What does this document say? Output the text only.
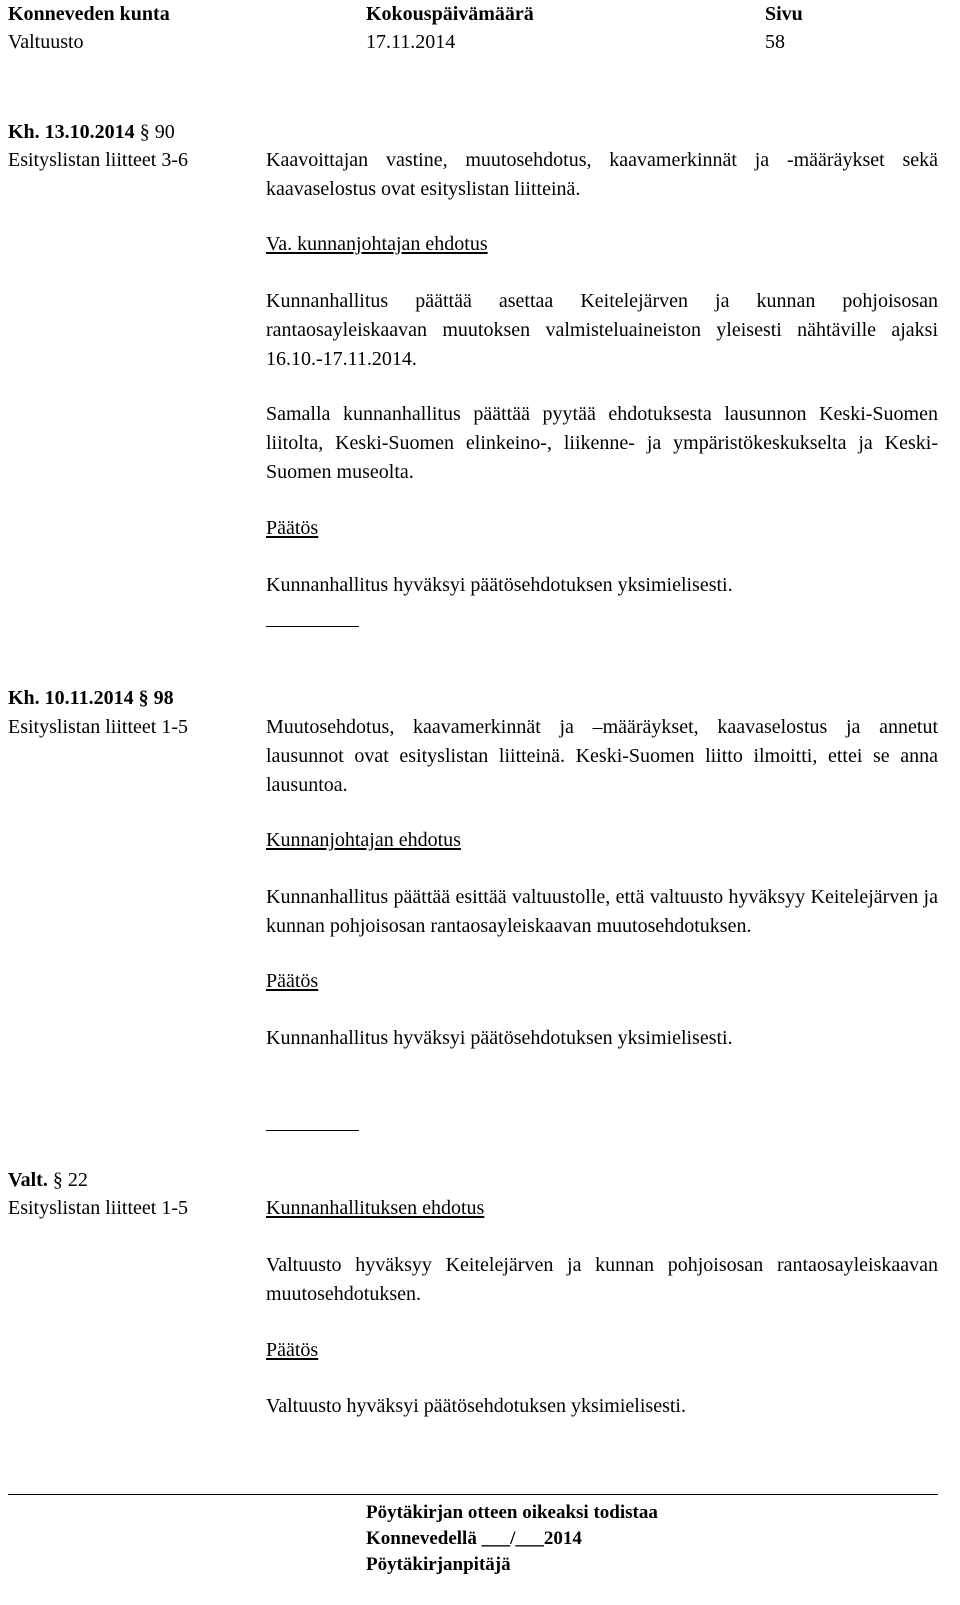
Konneveden kunta	Kokouspäivämäärä	Sivu
Valtuusto	17.11.2014	58
Kh. 13.10.2014 § 90
Esityslistan liitteet 3-6	Kaavoittajan vastine, muutosehdotus, kaavamerkinnät ja -määräykset sekä kaavaselostus ovat esityslistan liitteinä.
Va. kunnanjohtajan ehdotus
Kunnanhallitus päättää asettaa Keitelejärven ja kunnan pohjoisosan rantaosayleiskaavan muutoksen valmisteluaineiston yleisesti nähtäville ajaksi 16.10.-17.11.2014.
Samalla kunnanhallitus päättää pyytää ehdotuksesta lausunnon Keski-Suomen liitolta, Keski-Suomen elinkeino-, liikenne- ja ympäristökeskukselta ja Keski-Suomen museolta.
Päätös
Kunnanhallitus hyväksyi päätösehdotuksen yksimielisesti.
Kh. 10.11.2014 § 98
Esityslistan liitteet 1-5	Muutosehdotus, kaavamerkinnät ja –määräykset, kaavaselostus ja annetut lausunnot ovat esityslistan liitteinä. Keski-Suomen liitto ilmoitti, ettei se anna lausuntoa.
Kunnanjohtajan ehdotus
Kunnanhallitus päättää esittää valtuustolle, että valtuusto hyväksyy Keitelejärven ja kunnan pohjoisosan rantaosayleiskaavan muutosehdotuksen.
Päätös
Kunnanhallitus hyväksyi päätösehdotuksen yksimielisesti.
Valt. § 22
Esityslistan liitteet 1-5	Kunnanhallituksen ehdotus
Valtuusto hyväksyy Keitelejärven ja kunnan pohjoisosan rantaosayleiskaavan muutosehdotuksen.
Päätös
Valtuusto hyväksyi päätösehdotuksen yksimielisesti.
Pöytäkirjan otteen oikeaksi todistaa
Konnevedellä ___/___2014
Pöytäkirjanpitäjä
